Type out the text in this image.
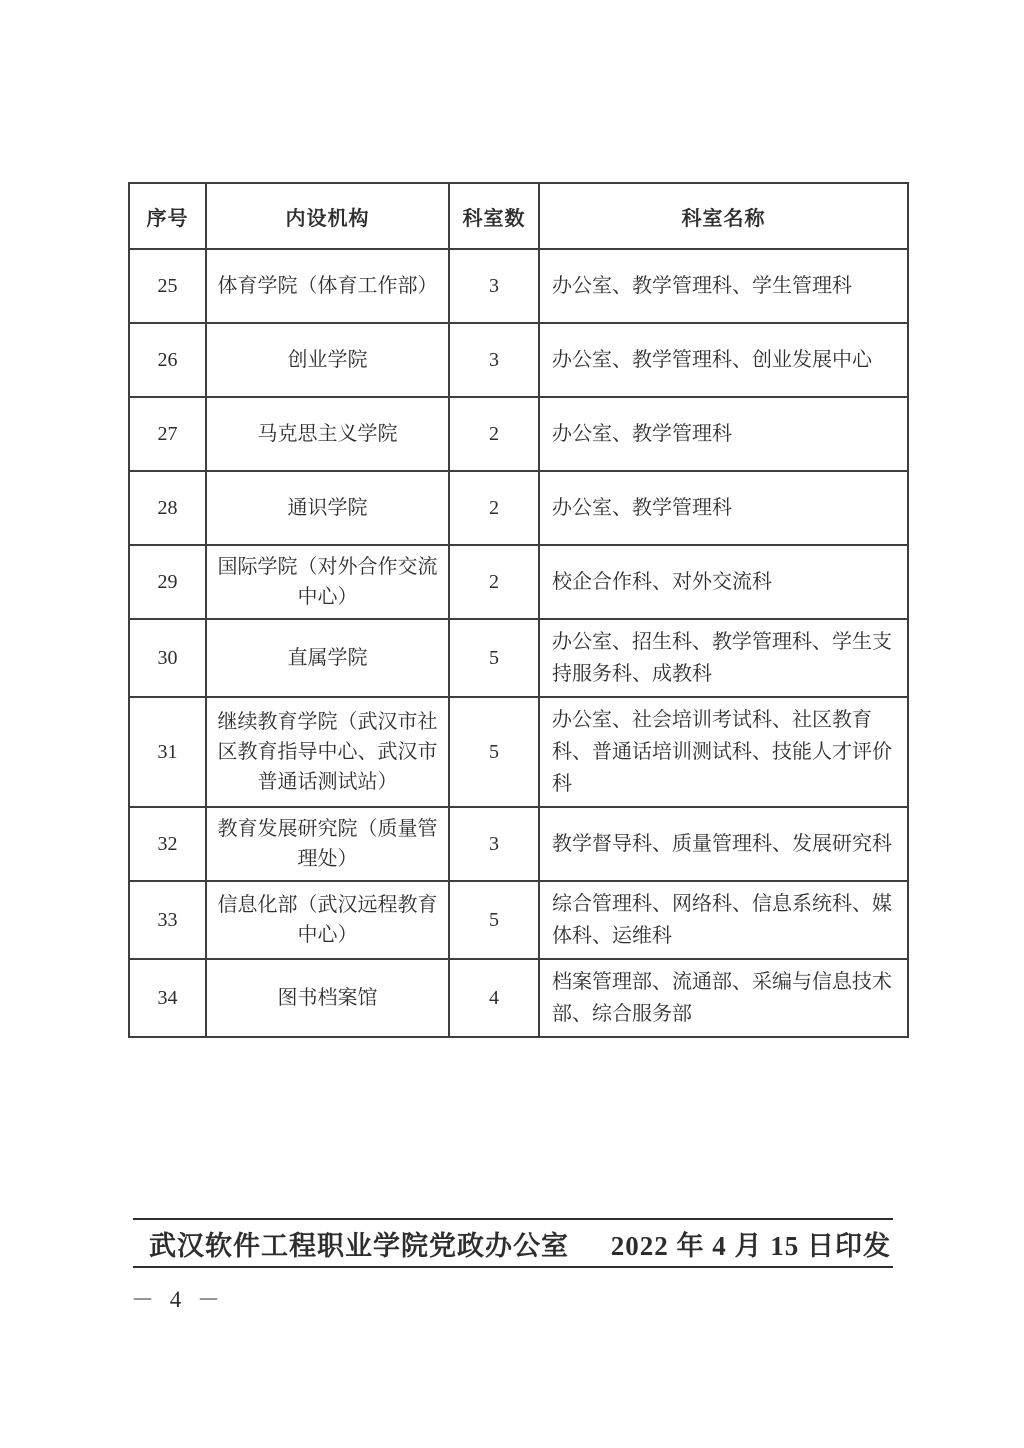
序号	内设机构	科室数	科室名称
25	体育学院（体育工作部）	3	办公室、教学管理科、学生管理科
26	创业学院	3	办公室、教学管理科、创业发展中心
27	马克思主义学院	2	办公室、教学管理科
28	通识学院	2	办公室、教学管理科
29	国际学院（对外合作交流中心）	2	校企合作科、对外交流科
30	直属学院	5	办公室、招生科、教学管理科、学生支持服务科、成教科
31	继续教育学院（武汉市社区教育指导中心、武汉市普通话测试站）	5	办公室、社会培训考试科、社区教育科、普通话培训测试科、技能人才评价科
32	教育发展研究院（质量管理处）	3	教学督导科、质量管理科、发展研究科
33	信息化部（武汉远程教育中心）	5	综合管理科、网络科、信息系统科、媒体科、运维科
34	图书档案馆	4	档案管理部、流通部、采编与信息技术部、综合服务部
武汉软件工程职业学院党政办公室 2022 年 4 月 15 日印发
－ 4 －
